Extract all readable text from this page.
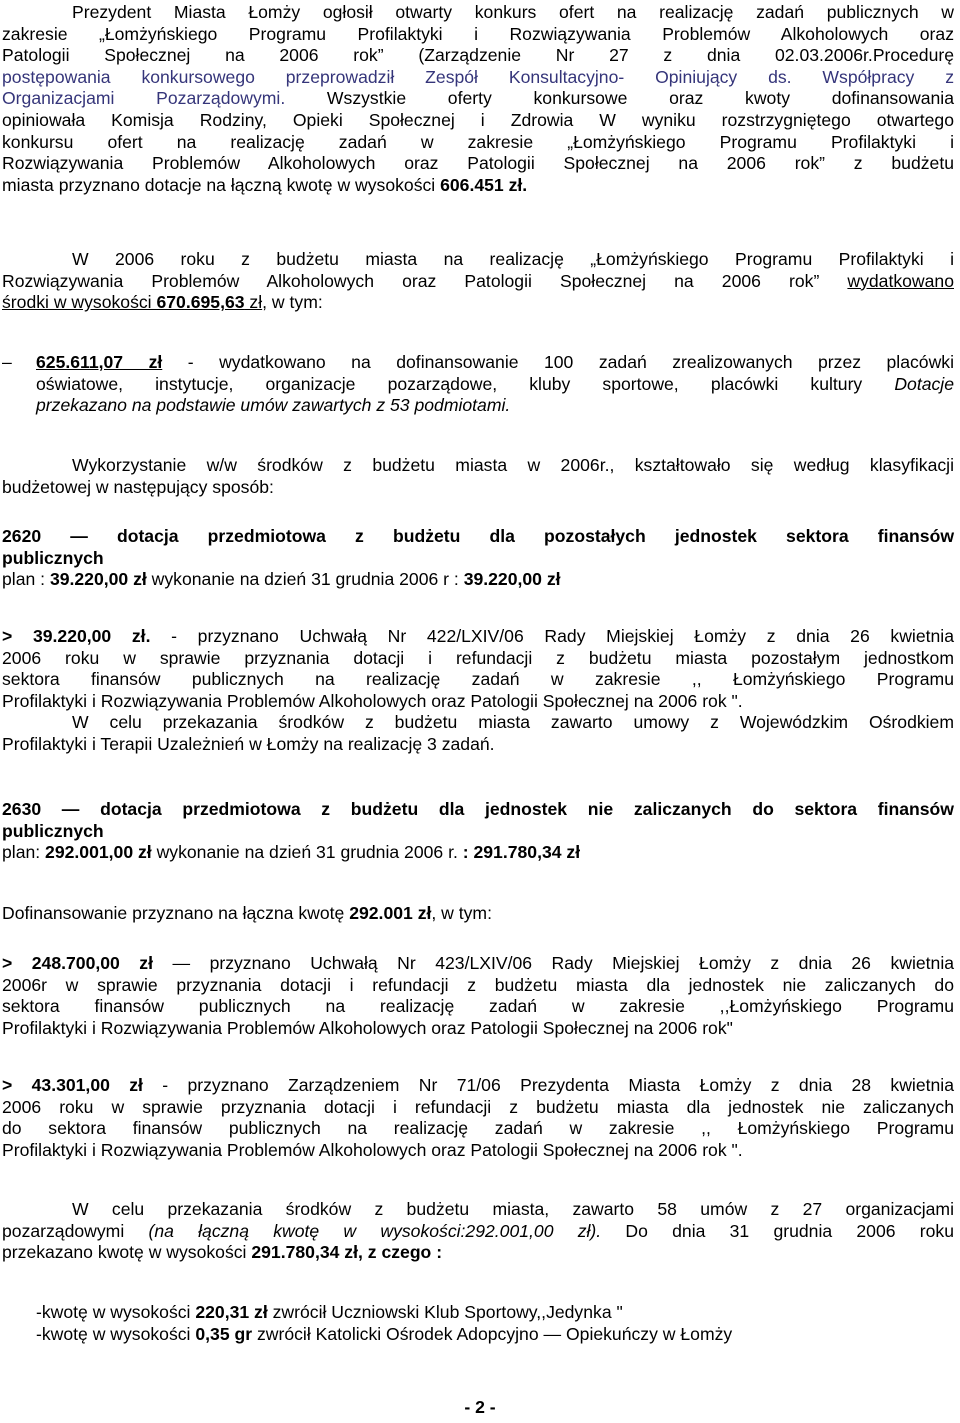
Prezydent Miasta Łomży ogłosił otwarty konkurs ofert na realizację zadań publicznych w
zakresie „Łomżyńskiego Programu Profilaktyki i Rozwiązywania Problemów Alkoholowych oraz
Patologii Społecznej na 2006 rok” (Zarządzenie Nr 27 z dnia 02.03.2006r.Procedurę
postępowania konkursowego przeprowadził Zespół Konsultacyjno- Opiniujący ds. Współpracy z
Organizacjami Pozarządowymi. Wszystkie oferty konkursowe oraz kwoty dofinansowania
opiniowała Komisja Rodziny, Opieki Społecznej i Zdrowia W wyniku rozstrzygniętego otwartego
konkursu ofert na realizację zadań w zakresie „Łomżyńskiego Programu Profilaktyki i
Rozwiązywania Problemów Alkoholowych oraz Patologii Społecznej na 2006 rok” z budżetu
miasta przyznano dotacje na łączną kwotę w wysokości 606.451 zł.
W 2006 roku z budżetu miasta na realizację „Łomżyńskiego Programu Profilaktyki i
Rozwiązywania Problemów Alkoholowych oraz Patologii Społecznej na 2006 rok” wydatkowano
środki w wysokości 670.695,63 zł, w tym:
– 625.611,07 zł - wydatkowano na dofinansowanie 100 zadań zrealizowanych przez placówki
oświatowe, instytucje, organizacje pozarządowe, kluby sportowe, placówki kultury Dotacje
przekazano na podstawie umów zawartych z 53 podmiotami.
Wykorzystanie w/w środków z budżetu miasta w 2006r., kształtowało się według klasyfikacji
budżetowej w następujący sposób:
2620 — dotacja przedmiotowa z budżetu dla pozostałych jednostek sektora finansów
publicznych
plan : 39.220,00 zł wykonanie na dzień 31 grudnia 2006 r : 39.220,00 zł
> 39.220,00 zł. - przyznano Uchwałą Nr 422/LXIV/06 Rady Miejskiej Łomży z dnia 26 kwietnia
2006 roku w sprawie przyznania dotacji i refundacji z budżetu miasta pozostałym jednostkom
sektora finansów publicznych na realizację zadań w zakresie ,, Łomżyńskiego Programu
Profilaktyki i Rozwiązywania Problemów Alkoholowych oraz Patologii Społecznej na 2006 rok ".
W celu przekazania środków z budżetu miasta zawarto umowy z Wojewódzkim Ośrodkiem
Profilaktyki i Terapii Uzależnień w Łomży na realizację 3 zadań.
2630 — dotacja przedmiotowa z budżetu dla jednostek nie zaliczanych do sektora finansów
publicznych
plan: 292.001,00 zł wykonanie na dzień 31 grudnia 2006 r. : 291.780,34 zł
Dofinansowanie przyznano na łączna kwotę 292.001 zł, w tym:
> 248.700,00 zł — przyznano Uchwałą Nr 423/LXIV/06 Rady Miejskiej Łomży z dnia 26 kwietnia
2006r w sprawie przyznania dotacji i refundacji z budżetu miasta dla jednostek nie zaliczanych do
sektora finansów publicznych na realizację zadań w zakresie ,,Łomżyńskiego Programu
Profilaktyki i Rozwiązywania Problemów Alkoholowych oraz Patologii Społecznej na 2006 rok"
> 43.301,00 zł - przyznano Zarządzeniem Nr 71/06 Prezydenta Miasta Łomży z dnia 28 kwietnia
2006 roku w sprawie przyznania dotacji i refundacji z budżetu miasta dla jednostek nie zaliczanych
do sektora finansów publicznych na realizację zadań w zakresie ,, Łomżyńskiego Programu
Profilaktyki i Rozwiązywania Problemów Alkoholowych oraz Patologii Społecznej na 2006 rok ".
W celu przekazania środków z budżetu miasta, zawarto 58 umów z 27 organizacjami
pozarządowymi (na łączną kwotę w wysokości:292.001,00 zł). Do dnia 31 grudnia 2006 roku
przekazano kwotę w wysokości 291.780,34 zł, z czego :
-kwotę w wysokości 220,31 zł zwrócił Uczniowski Klub Sportowy,,Jedynka "
-kwotę w wysokości 0,35 gr zwrócił Katolicki Ośrodek Adopcyjno — Opiekuńczy w Łomży
- 2 -
